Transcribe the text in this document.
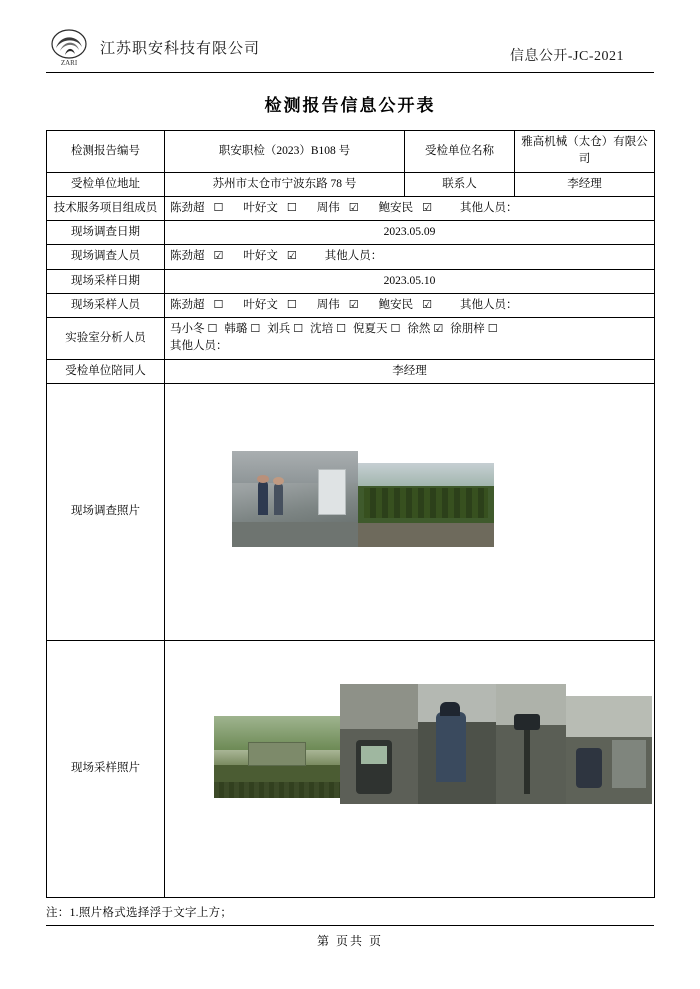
ZARI
江苏职安科技有限公司	信息公开-JC-2021
检测报告信息公开表
检测报告编号	职安职检（2023）B108 号	受检单位名称	雅高机械（太仓）有限公司
受检单位地址	苏州市太仓市宁波东路 78 号	联系人	李经理
技术服务项目组成员	陈劲超 ☐ 叶好文 ☐ 周伟 ☑ 鲍安民 ☑ 其他人员：		
现场调查日期	2023.05.09		
现场调查人员	陈劲超 ☑ 叶好文 ☑ 其他人员：		
现场采样日期	2023.05.10		
现场采样人员	陈劲超 ☐ 叶好文 ☐ 周伟 ☑ 鲍安民 ☑ 其他人员：		
实验室分析人员	马小冬 ☐ 韩璐 ☐ 刘兵 ☐ 沈培 ☐ 倪夏天 ☐ 徐然 ☑ 徐朋梓 ☐
其他人员：		

受检单位陪同人	李经理		
现场调查照片			

现场采样照片			
注：1.照片格式选择浮于文字上方；
第 页共 页
